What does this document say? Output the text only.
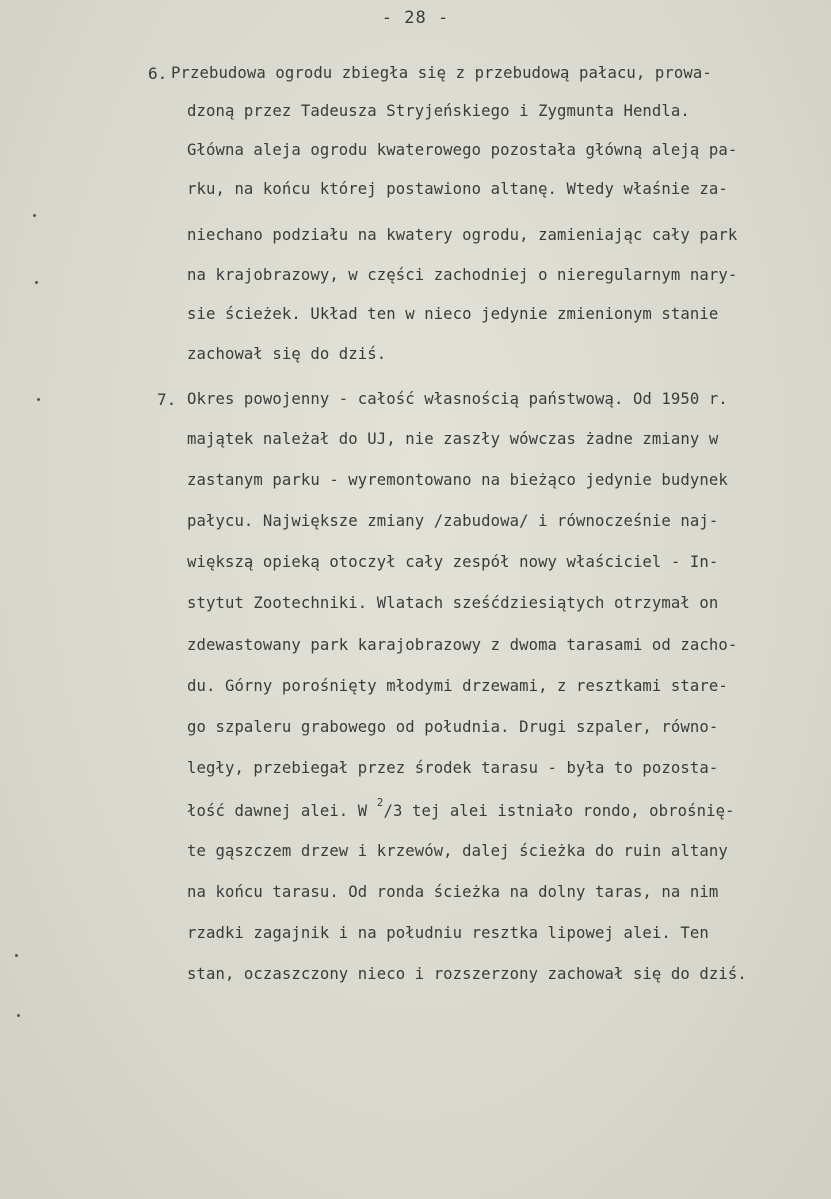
- 28 -
6. Przebudowa ogrodu zbiegła się z przebudową pałacu, prowa-
dzoną przez Tadeusza Stryjeńskiego i Zygmunta Hendla.
Główna aleja ogrodu kwaterowego pozostała główną aleją pa-
rku, na końcu której postawiono altanę. Wtedy właśnie za-
niechano podziału na kwatery ogrodu, zamieniając cały park
na krajobrazowy, w części zachodniej o nieregularnym nary-
sie ścieżek. Układ ten w nieco jedynie zmienionym stanie
zachował się do dziś.
7. Okres powojenny - całość własnością państwową. Od 1950 r.
majątek należał do UJ, nie zaszły wówczas żadne zmiany w
zastanym parku - wyremontowano na bieżąco jedynie budynek
pałycu. Największe zmiany /zabudowa/ i równocześnie naj-
większą opieką otoczył cały zespół nowy właściciel - In-
stytut Zootechniki. Wlatach sześćdziesiątych otrzymał on
zdewastowany park karajobrazowy z dwoma tarasami od zacho-
du. Górny porośnięty młodymi drzewami, z resztkami stare-
go szpaleru grabowego od południa. Drugi szpaler, równo-
legły, przebiegał przez środek tarasu - była to pozosta-
łość dawnej alei. W $^2$/3 tej alei istniało rondo, obrośnię-
te gąszczem drzew i krzewów, dalej ścieżka do ruin altany
na końcu tarasu. Od ronda ścieżka na dolny taras, na nim
rzadki zagajnik i na południu resztka lipowej alei. Ten
stan, oczaszczony nieco i rozszerzony zachował się do dziś.
